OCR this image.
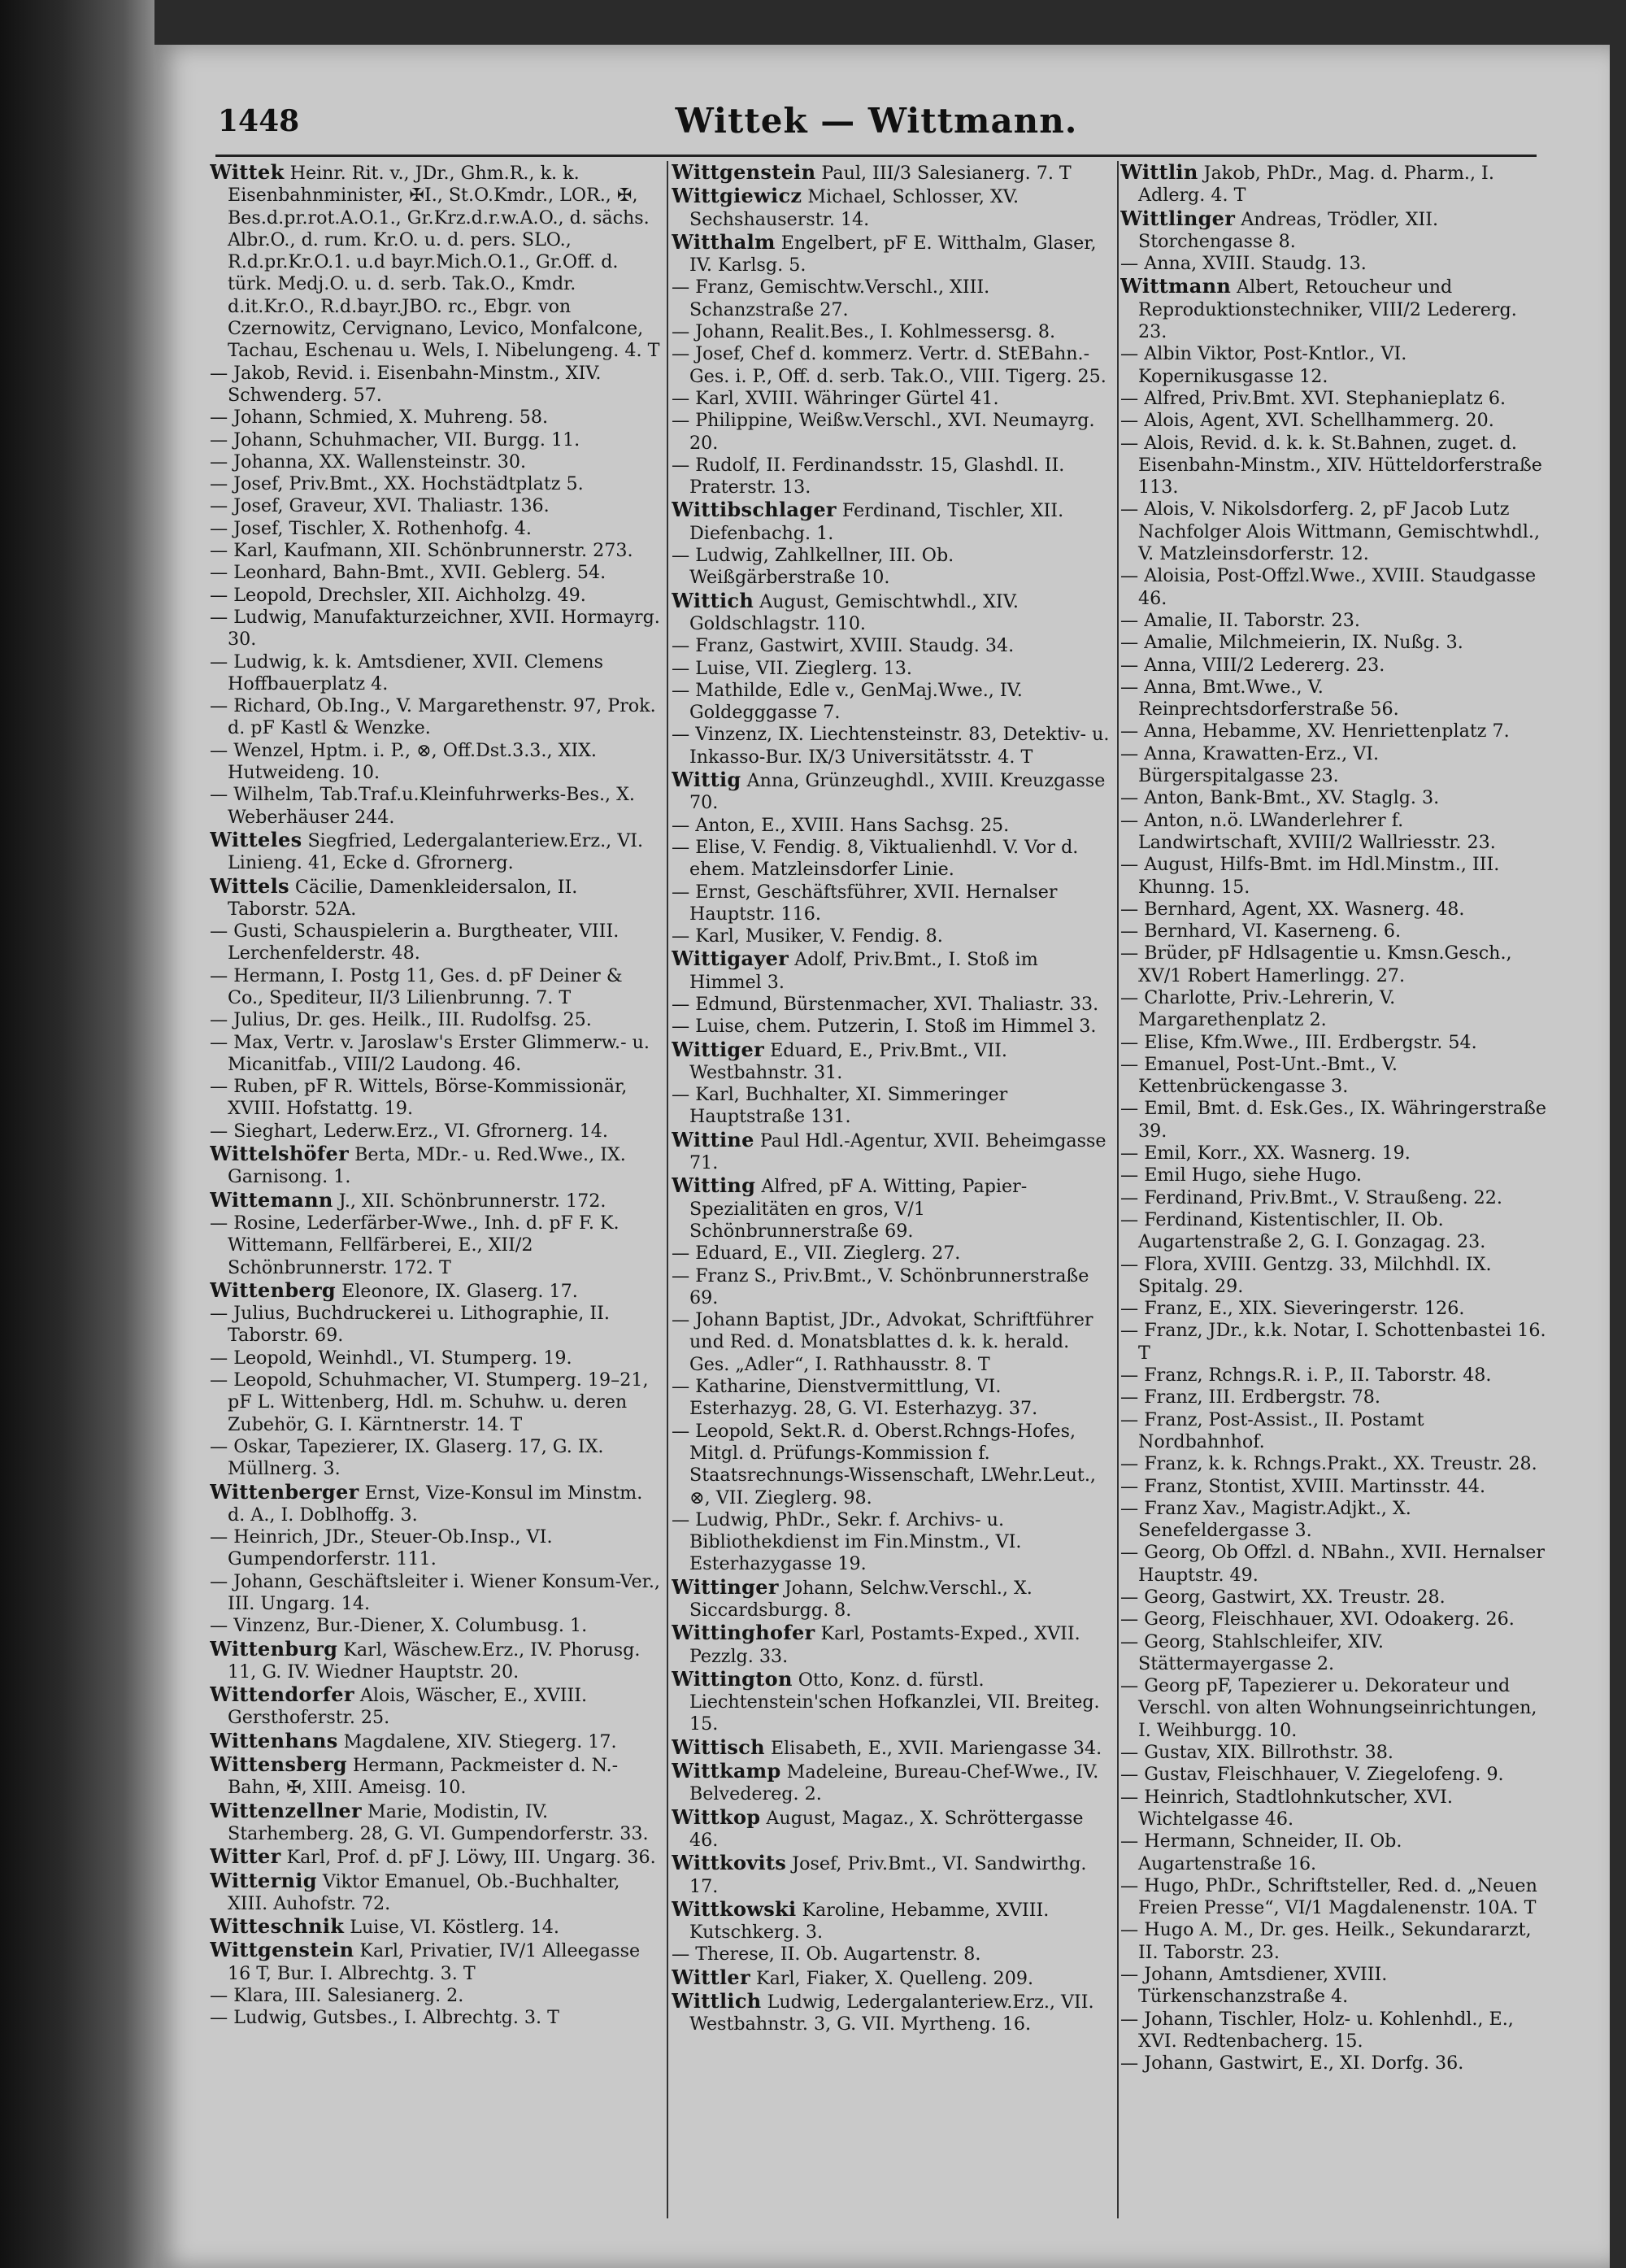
1448	Wittek — Wittmann.

Wittek Heinr. Rit. v., JDr., Ghm.R., k. k. Eisenbahnminister, ✠I., St.O.Kmdr., LOR., ✠, Bes.d.pr.rot.A.O.1., Gr.Krz.d.r.w.A.O., d. sächs. Albr.O., d. rum. Kr.O. u. d. pers. SLO., R.d.pr.Kr.O.1. u.d bayr.Mich.O.1., Gr.Off. d. türk. Medj.O. u. d. serb. Tak.O., Kmdr. d.it.Kr.O., R.d.bayr.JBO. rc., Ebgr. von Czernowitz, Cervignano, Levico, Monfalcone, Tachau, Eschenau u. Wels, I. Nibelungeng. 4. T

— Jakob, Revid. i. Eisenbahn-Minstm., XIV. Schwenderg. 57.

— Johann, Schmied, X. Muhreng. 58.

— Johann, Schuhmacher, VII. Burgg. 11.

— Johanna, XX. Wallensteinstr. 30.

— Josef, Priv.Bmt., XX. Hochstädtplatz 5.

— Josef, Graveur, XVI. Thaliastr. 136.

— Josef, Tischler, X. Rothenhofg. 4.

— Karl, Kaufmann, XII. Schönbrunnerstr. 273.

— Leonhard, Bahn-Bmt., XVII. Geblerg. 54.

— Leopold, Drechsler, XII. Aichholzg. 49.

— Ludwig, Manufakturzeichner, XVII. Hormayrg. 30.

— Ludwig, k. k. Amtsdiener, XVII. Clemens Hoffbauerplatz 4.

— Richard, Ob.Ing., V. Margarethenstr. 97, Prok. d. pF Kastl & Wenzke.

— Wenzel, Hptm. i. P., ⊗, Off.Dst.3.3., XIX. Hutweideng. 10.

— Wilhelm, Tab.Traf.u.Kleinfuhrwerks-Bes., X. Weberhäuser 244.

Witteles Siegfried, Ledergalanteriew.Erz., VI. Linieng. 41, Ecke d. Gfrornerg.

Wittels Cäcilie, Damenkleidersalon, II. Taborstr. 52A.

— Gusti, Schauspielerin a. Burgtheater, VIII. Lerchenfelderstr. 48.

— Hermann, I. Postg 11, Ges. d. pF Deiner & Co., Spediteur, II/3 Lilienbrunng. 7. T

— Julius, Dr. ges. Heilk., III. Rudolfsg. 25.

— Max, Vertr. v. Jaroslaw's Erster Glimmerw.- u. Micanitfab., VIII/2 Laudong. 46.

— Ruben, pF R. Wittels, Börse-Kommissionär, XVIII. Hofstattg. 19.

— Sieghart, Lederw.Erz., VI. Gfrornerg. 14.

Wittelshöfer Berta, MDr.- u. Red.Wwe., IX. Garnisong. 1.

Wittemann J., XII. Schönbrunnerstr. 172.

— Rosine, Lederfärber-Wwe., Inh. d. pF F. K. Wittemann, Fellfärberei, E., XII/2 Schönbrunnerstr. 172. T

Wittenberg Eleonore, IX. Glaserg. 17.

— Julius, Buchdruckerei u. Lithographie, II. Taborstr. 69.

— Leopold, Weinhdl., VI. Stumperg. 19.

— Leopold, Schuhmacher, VI. Stumperg. 19–21, pF L. Wittenberg, Hdl. m. Schuhw. u. deren Zubehör, G. I. Kärntnerstr. 14. T

— Oskar, Tapezierer, IX. Glaserg. 17, G. IX. Müllnerg. 3.

Wittenberger Ernst, Vize-Konsul im Minstm. d. A., I. Doblhoffg. 3.

— Heinrich, JDr., Steuer-Ob.Insp., VI. Gumpendorferstr. 111.

— Johann, Geschäftsleiter i. Wiener Konsum-Ver., III. Ungarg. 14.

— Vinzenz, Bur.-Diener, X. Columbusg. 1.

Wittenburg Karl, Wäschew.Erz., IV. Phorusg. 11, G. IV. Wiedner Hauptstr. 20.

Wittendorfer Alois, Wäscher, E., XVIII. Gersthoferstr. 25.

Wittenhans Magdalene, XIV. Stiegerg. 17.

Wittensberg Hermann, Packmeister d. N.-Bahn, ✠, XIII. Ameisg. 10.

Wittenzellner Marie, Modistin, IV. Starhemberg. 28, G. VI. Gumpendorferstr. 33.

Witter Karl, Prof. d. pF J. Löwy, III. Ungarg. 36.

Witternig Viktor Emanuel, Ob.-Buchhalter, XIII. Auhofstr. 72.

Witteschnik Luise, VI. Köstlerg. 14.

Wittgenstein Karl, Privatier, IV/1 Alleegasse 16 T, Bur. I. Albrechtg. 3. T

— Klara, III. Salesianerg. 2.

— Ludwig, Gutsbes., I. Albrechtg. 3. T

Wittgenstein Paul, III/3 Salesianerg. 7. T

Wittgiewicz Michael, Schlosser, XV. Sechshauserstr. 14.

Witthalm Engelbert, pF E. Witthalm, Glaser, IV. Karlsg. 5.

— Franz, Gemischtw.Verschl., XIII. Schanzstraße 27.

— Johann, Realit.Bes., I. Kohlmessersg. 8.

— Josef, Chef d. kommerz. Vertr. d. StEBahn.-Ges. i. P., Off. d. serb. Tak.O., VIII. Tigerg. 25.

— Karl, XVIII. Währinger Gürtel 41.

— Philippine, Weißw.Verschl., XVI. Neumayrg. 20.

— Rudolf, II. Ferdinandsstr. 15, Glashdl. II. Praterstr. 13.

Wittibschlager Ferdinand, Tischler, XII. Diefenbachg. 1.

— Ludwig, Zahlkellner, III. Ob. Weißgärberstraße 10.

Wittich August, Gemischtwhdl., XIV. Goldschlagstr. 110.

— Franz, Gastwirt, XVIII. Staudg. 34.

— Luise, VII. Zieglerg. 13.

— Mathilde, Edle v., GenMaj.Wwe., IV. Goldegggasse 7.

— Vinzenz, IX. Liechtensteinstr. 83, Detektiv- u. Inkasso-Bur. IX/3 Universitätsstr. 4. T

Wittig Anna, Grünzeughdl., XVIII. Kreuzgasse 70.

— Anton, E., XVIII. Hans Sachsg. 25.

— Elise, V. Fendig. 8, Viktualienhdl. V. Vor d. ehem. Matzleinsdorfer Linie.

— Ernst, Geschäftsführer, XVII. Hernalser Hauptstr. 116.

— Karl, Musiker, V. Fendig. 8.

Wittigayer Adolf, Priv.Bmt., I. Stoß im Himmel 3.

— Edmund, Bürstenmacher, XVI. Thaliastr. 33.

— Luise, chem. Putzerin, I. Stoß im Himmel 3.

Wittiger Eduard, E., Priv.Bmt., VII. Westbahnstr. 31.

— Karl, Buchhalter, XI. Simmeringer Hauptstraße 131.

Wittine Paul Hdl.-Agentur, XVII. Beheimgasse 71.

Witting Alfred, pF A. Witting, Papier-Spezialitäten en gros, V/1 Schönbrunnerstraße 69.

— Eduard, E., VII. Zieglerg. 27.

— Franz S., Priv.Bmt., V. Schönbrunnerstraße 69.

— Johann Baptist, JDr., Advokat, Schriftführer und Red. d. Monatsblattes d. k. k. herald. Ges. „Adler“, I. Rathhausstr. 8. T

— Katharine, Dienstvermittlung, VI. Esterhazyg. 28, G. VI. Esterhazyg. 37.

— Leopold, Sekt.R. d. Oberst.Rchngs-Hofes, Mitgl. d. Prüfungs-Kommission f. Staatsrechnungs-Wissenschaft, LWehr.Leut., ⊗, VII. Zieglerg. 98.

— Ludwig, PhDr., Sekr. f. Archivs- u. Bibliothekdienst im Fin.Minstm., VI. Esterhazygasse 19.

Wittinger Johann, Selchw.Verschl., X. Siccardsburgg. 8.

Wittinghofer Karl, Postamts-Exped., XVII. Pezzlg. 33.

Wittington Otto, Konz. d. fürstl. Liechtenstein'schen Hofkanzlei, VII. Breiteg. 15.

Wittisch Elisabeth, E., XVII. Mariengasse 34.

Wittkamp Madeleine, Bureau-Chef-Wwe., IV. Belvedereg. 2.

Wittkop August, Magaz., X. Schröttergasse 46.

Wittkovits Josef, Priv.Bmt., VI. Sandwirthg. 17.

Wittkowski Karoline, Hebamme, XVIII. Kutschkerg. 3.

— Therese, II. Ob. Augartenstr. 8.

Wittler Karl, Fiaker, X. Quelleng. 209.

Wittlich Ludwig, Ledergalanteriew.Erz., VII. Westbahnstr. 3, G. VII. Myrtheng. 16.

Wittlin Jakob, PhDr., Mag. d. Pharm., I. Adlerg. 4. T

Wittlinger Andreas, Trödler, XII. Storchengasse 8.

— Anna, XVIII. Staudg. 13.

Wittmann Albert, Retoucheur und Reproduktionstechniker, VIII/2 Ledererg. 23.

— Albin Viktor, Post-Kntlor., VI. Kopernikusgasse 12.

— Alfred, Priv.Bmt. XVI. Stephanieplatz 6.

— Alois, Agent, XVI. Schellhammerg. 20.

— Alois, Revid. d. k. k. St.Bahnen, zuget. d. Eisenbahn-Minstm., XIV. Hütteldorferstraße 113.

— Alois, V. Nikolsdorferg. 2, pF Jacob Lutz Nachfolger Alois Wittmann, Gemischtwhdl., V. Matzleinsdorferstr. 12.

— Aloisia, Post-Offzl.Wwe., XVIII. Staudgasse 46.

— Amalie, II. Taborstr. 23.

— Amalie, Milchmeierin, IX. Nußg. 3.

— Anna, VIII/2 Ledererg. 23.

— Anna, Bmt.Wwe., V. Reinprechtsdorferstraße 56.

— Anna, Hebamme, XV. Henriettenplatz 7.

— Anna, Krawatten-Erz., VI. Bürgerspitalgasse 23.

— Anton, Bank-Bmt., XV. Staglg. 3.

— Anton, n.ö. LWanderlehrer f. Landwirtschaft, XVIII/2 Wallriesstr. 23.

— August, Hilfs-Bmt. im Hdl.Minstm., III. Khunng. 15.

— Bernhard, Agent, XX. Wasnerg. 48.

— Bernhard, VI. Kaserneng. 6.

— Brüder, pF Hdlsagentie u. Kmsn.Gesch., XV/1 Robert Hamerlingg. 27.

— Charlotte, Priv.-Lehrerin, V. Margarethenplatz 2.

— Elise, Kfm.Wwe., III. Erdbergstr. 54.

— Emanuel, Post-Unt.-Bmt., V. Kettenbrückengasse 3.

— Emil, Bmt. d. Esk.Ges., IX. Währingerstraße 39.

— Emil, Korr., XX. Wasnerg. 19.

— Emil Hugo, siehe Hugo.

— Ferdinand, Priv.Bmt., V. Straußeng. 22.

— Ferdinand, Kistentischler, II. Ob. Augartenstraße 2, G. I. Gonzagag. 23.

— Flora, XVIII. Gentzg. 33, Milchhdl. IX. Spitalg. 29.

— Franz, E., XIX. Sieveringerstr. 126.

— Franz, JDr., k.k. Notar, I. Schottenbastei 16. T

— Franz, Rchngs.R. i. P., II. Taborstr. 48.

— Franz, III. Erdbergstr. 78.

— Franz, Post-Assist., II. Postamt Nordbahnhof.

— Franz, k. k. Rchngs.Prakt., XX. Treustr. 28.

— Franz, Stontist, XVIII. Martinsstr. 44.

— Franz Xav., Magistr.Adjkt., X. Senefeldergasse 3.

— Georg, Ob Offzl. d. NBahn., XVII. Hernalser Hauptstr. 49.

— Georg, Gastwirt, XX. Treustr. 28.

— Georg, Fleischhauer, XVI. Odoakerg. 26.

— Georg, Stahlschleifer, XIV. Stättermayergasse 2.

— Georg pF, Tapezierer u. Dekorateur und Verschl. von alten Wohnungseinrichtungen, I. Weihburgg. 10.

— Gustav, XIX. Billrothstr. 38.

— Gustav, Fleischhauer, V. Ziegelofeng. 9.

— Heinrich, Stadtlohnkutscher, XVI. Wichtelgasse 46.

— Hermann, Schneider, II. Ob. Augartenstraße 16.

— Hugo, PhDr., Schriftsteller, Red. d. „Neuen Freien Presse“, VI/1 Magdalenenstr. 10A. T

— Hugo A. M., Dr. ges. Heilk., Sekundararzt, II. Taborstr. 23.

— Johann, Amtsdiener, XVIII. Türkenschanzstraße 4.

— Johann, Tischler, Holz- u. Kohlenhdl., E., XVI. Redtenbacherg. 15.

— Johann, Gastwirt, E., XI. Dorfg. 36.
